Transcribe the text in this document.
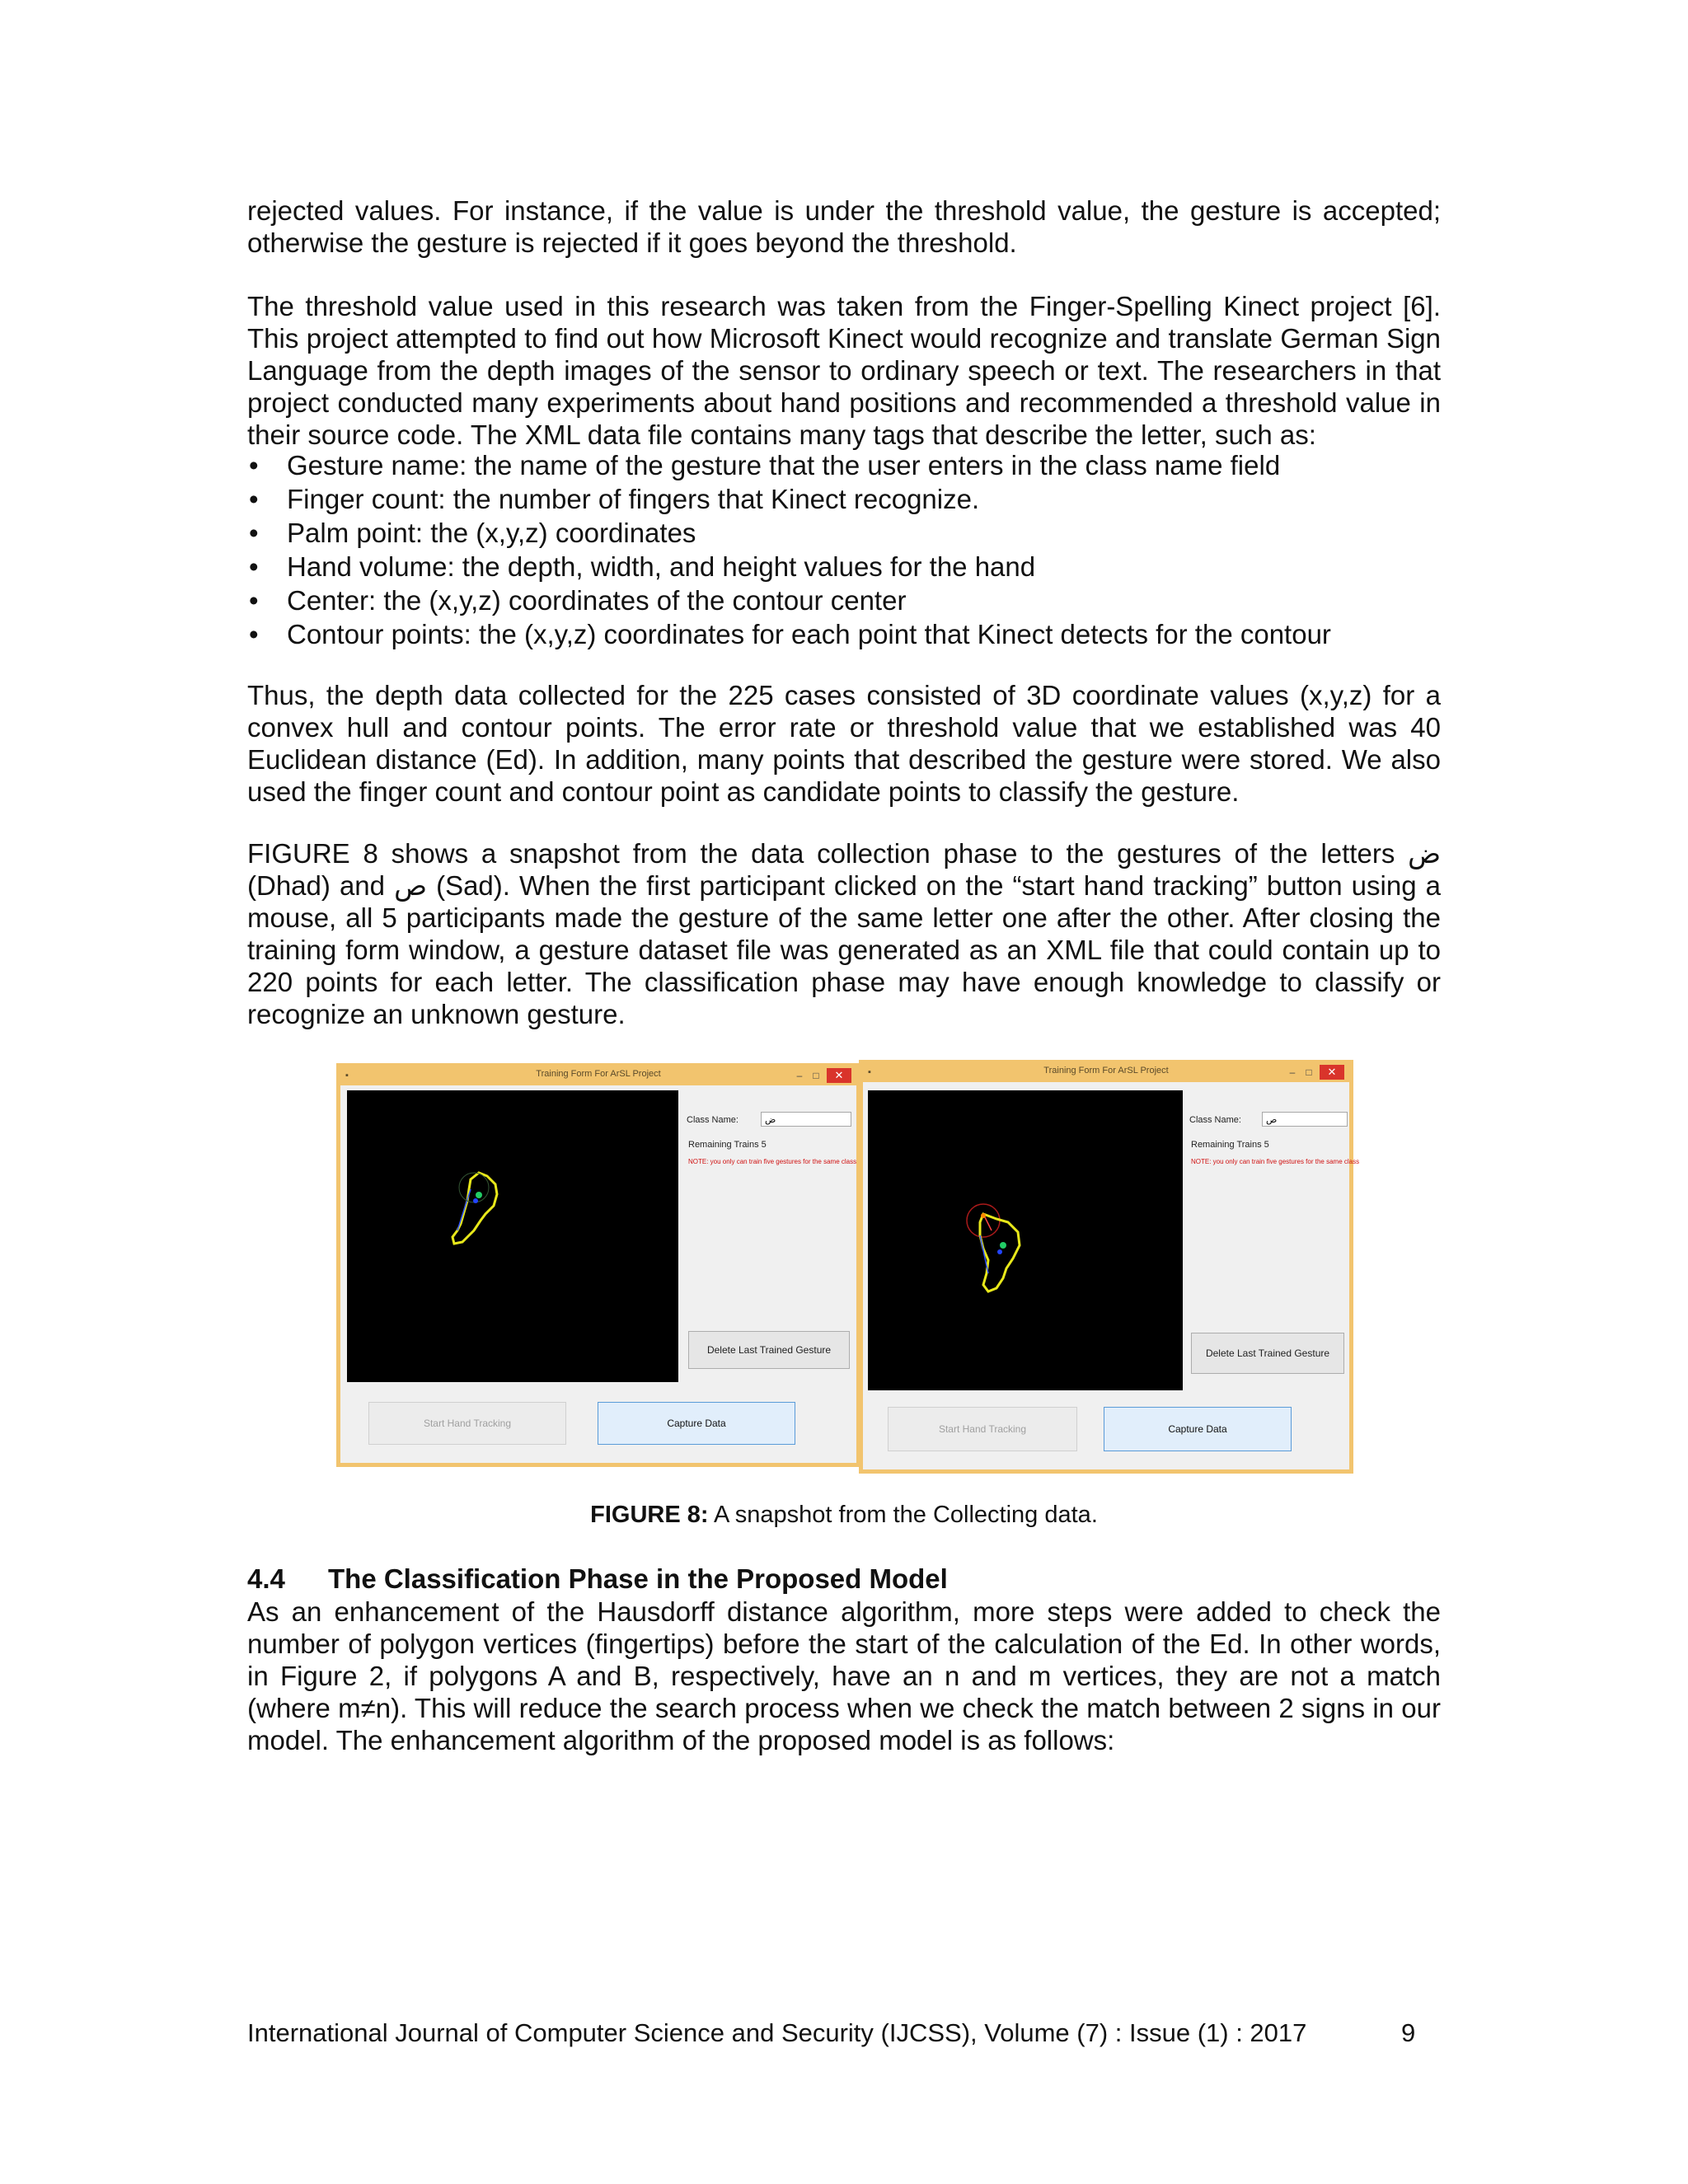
rejected values. For instance, if the value is under the threshold value, the gesture is accepted; otherwise the gesture is rejected if it goes beyond the threshold.

The threshold value used in this research was taken from the Finger-Spelling Kinect project [6]. This project attempted to find out how Microsoft Kinect would recognize and translate German Sign Language from the depth images of the sensor to ordinary speech or text. The researchers in that project conducted many experiments about hand positions and recommended a threshold value in their source code. The XML data file contains many tags that describe the letter, such as:

• Gesture name: the name of the gesture that the user enters in the class name field
• Finger count: the number of fingers that Kinect recognize.
• Palm point: the (x,y,z) coordinates
• Hand volume: the depth, width, and height values for the hand
• Center: the (x,y,z) coordinates of the contour center
• Contour points: the (x,y,z) coordinates for each point that Kinect detects for the contour

Thus, the depth data collected for the 225 cases consisted of 3D coordinate values (x,y,z) for a convex hull and contour points. The error rate or threshold value that we established was 40 Euclidean distance (Ed). In addition, many points that described the gesture were stored. We also used the finger count and contour point as candidate points to classify the gesture.

FIGURE 8 shows a snapshot from the data collection phase to the gestures of the letters ض (Dhad) and ص (Sad). When the first participant clicked on the “start hand tracking” button using a mouse, all 5 participants made the gesture of the same letter one after the other. After closing the training form window, a gesture dataset file was generated as an XML file that could contain up to 220 points for each letter. The classification phase may have enough knowledge to classify or recognize an unknown gesture.

▪	Training Form For ArSL Project	–	□	✕
Class Name:	ض
Remaining Trains 5
NOTE: you only can train five gestures for the same class
Delete Last Trained Gesture
Start Hand Tracking	Capture Data
▪	Training Form For ArSL Project	–	□	✕
Class Name:	ص
Remaining Trains 5
NOTE: you only can train five gestures for the same class
Delete Last Trained Gesture
Start Hand Tracking	Capture Data
FIGURE 8: A snapshot from the Collecting data.
4.4 The Classification Phase in the Proposed Model

As an enhancement of the Hausdorff distance algorithm, more steps were added to check the number of polygon vertices (fingertips) before the start of the calculation of the Ed. In other words, in Figure 2, if polygons A and B, respectively, have an n and m vertices, they are not a match (where m≠n). This will reduce the search process when we check the match between 2 signs in our model. The enhancement algorithm of the proposed model is as follows:

International Journal of Computer Science and Security (IJCSS), Volume (7) : Issue (1) : 2017	9
